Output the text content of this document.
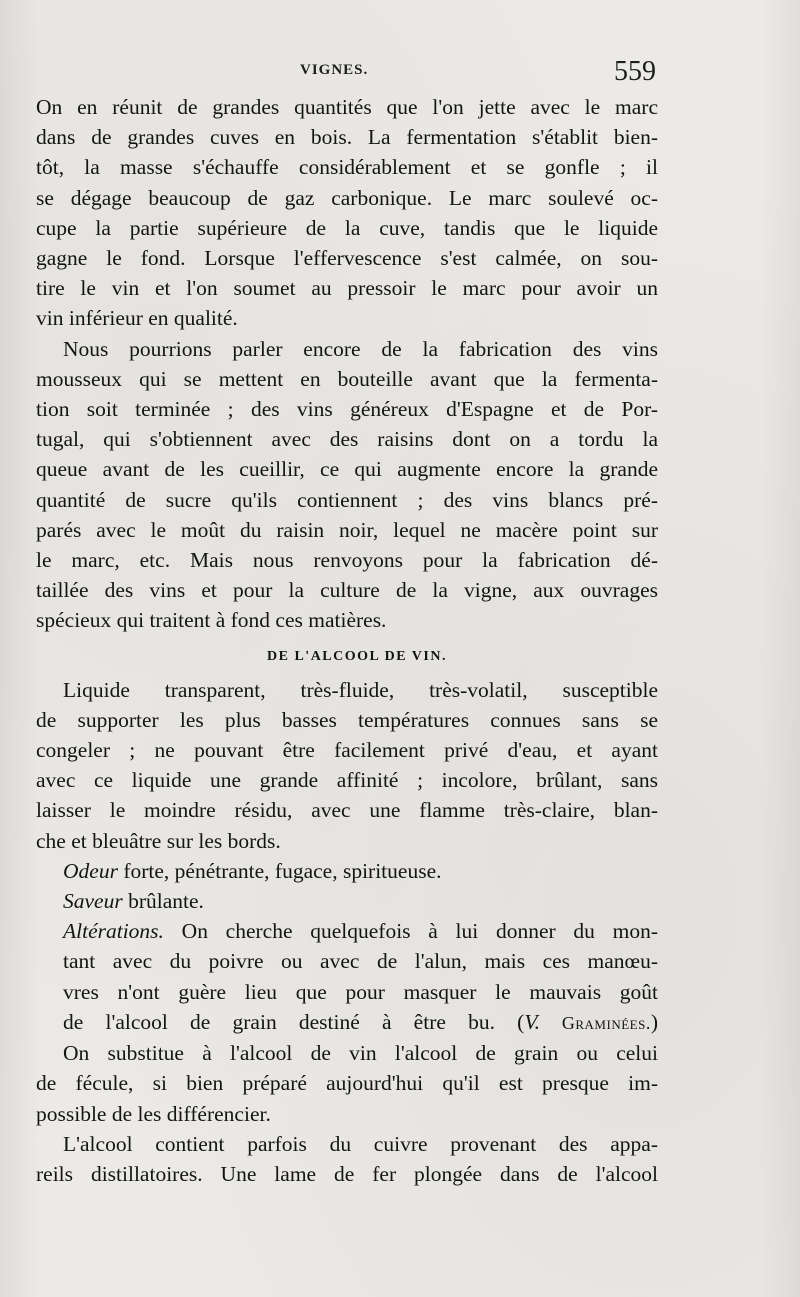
VIGNES.	559
On en réunit de grandes quantités que l'on jette avec le marc
dans de grandes cuves en bois. La fermentation s'établit bien-
tôt, la masse s'échauffe considérablement et se gonfle ; il
se dégage beaucoup de gaz carbonique. Le marc soulevé oc-
cupe la partie supérieure de la cuve, tandis que le liquide
gagne le fond. Lorsque l'effervescence s'est calmée, on sou-
tire le vin et l'on soumet au pressoir le marc pour avoir un
vin inférieur en qualité.
Nous pourrions parler encore de la fabrication des vins
mousseux qui se mettent en bouteille avant que la fermenta-
tion soit terminée ; des vins généreux d'Espagne et de Por-
tugal, qui s'obtiennent avec des raisins dont on a tordu la
queue avant de les cueillir, ce qui augmente encore la grande
quantité de sucre qu'ils contiennent ; des vins blancs pré-
parés avec le moût du raisin noir, lequel ne macère point sur
le marc, etc. Mais nous renvoyons pour la fabrication dé-
taillée des vins et pour la culture de la vigne, aux ouvrages
spécieux qui traitent à fond ces matières.
DE L'ALCOOL DE VIN.
Liquide transparent, très-fluide, très-volatil, susceptible
de supporter les plus basses températures connues sans se
congeler ; ne pouvant être facilement privé d'eau, et ayant
avec ce liquide une grande affinité ; incolore, brûlant, sans
laisser le moindre résidu, avec une flamme très-claire, blan-
che et bleuâtre sur les bords.
Odeur forte, pénétrante, fugace, spiritueuse.
Saveur brûlante.
Altérations. On cherche quelquefois à lui donner du mon-
tant avec du poivre ou avec de l'alun, mais ces manœu-
vres n'ont guère lieu que pour masquer le mauvais goût
de l'alcool de grain destiné à être bu. (V. Graminées.)
On substitue à l'alcool de vin l'alcool de grain ou celui
de fécule, si bien préparé aujourd'hui qu'il est presque im-
possible de les différencier.
L'alcool contient parfois du cuivre provenant des appa-
reils distillatoires. Une lame de fer plongée dans de l'alcool
